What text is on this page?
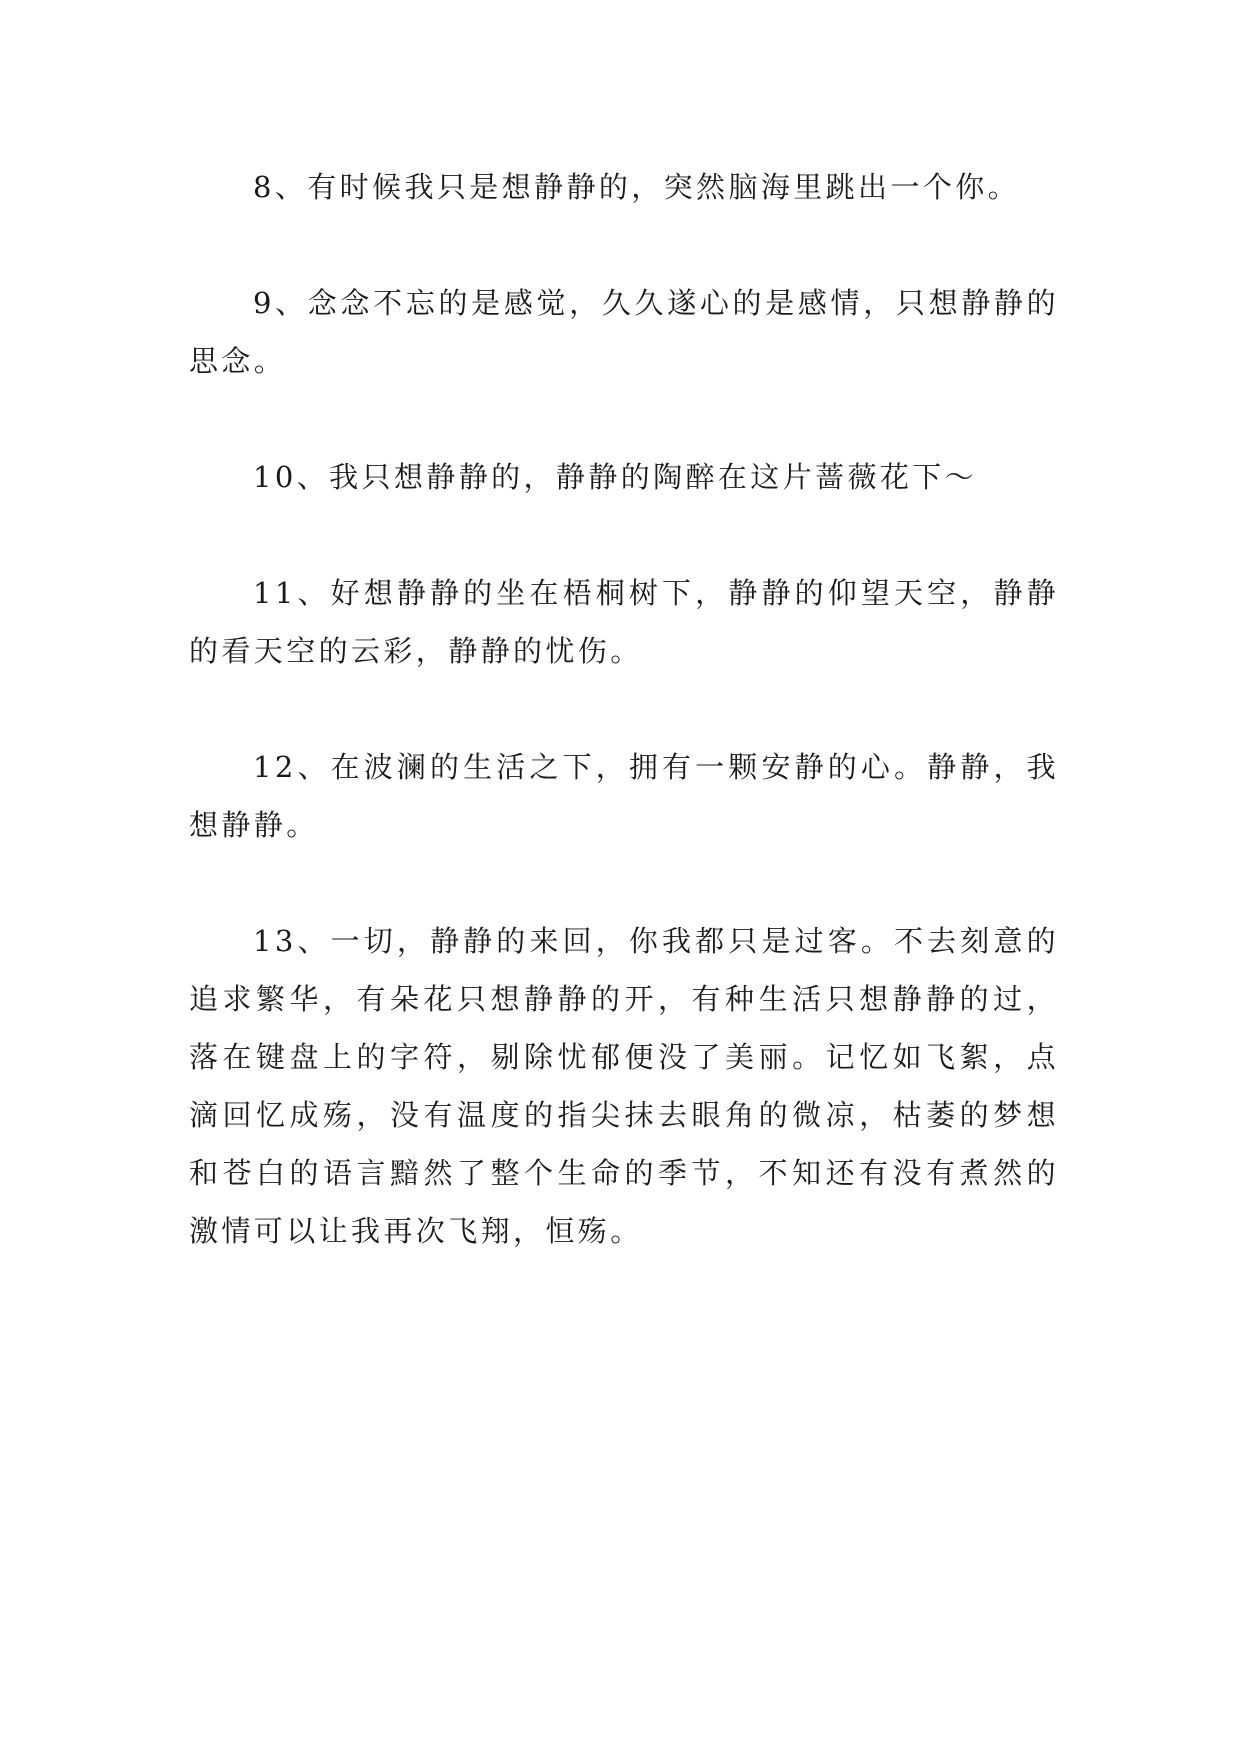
8、有时候我只是想静静的，突然脑海里跳出一个你。

9、念念不忘的是感觉，久久遂心的是感情，只想静静的思念。

10、我只想静静的，静静的陶醉在这片蔷薇花下～

11、好想静静的坐在梧桐树下，静静的仰望天空，静静的看天空的云彩，静静的忧伤。

12、在波澜的生活之下，拥有一颗安静的心。静静，我想静静。

13、一切，静静的来回，你我都只是过客。不去刻意的追求繁华，有朵花只想静静的开，有种生活只想静静的过，落在键盘上的字符，剔除忧郁便没了美丽。记忆如飞絮，点滴回忆成殇，没有温度的指尖抹去眼角的微凉，枯萎的梦想和苍白的语言黯然了整个生命的季节，不知还有没有煮然的激情可以让我再次飞翔，恒殇。
